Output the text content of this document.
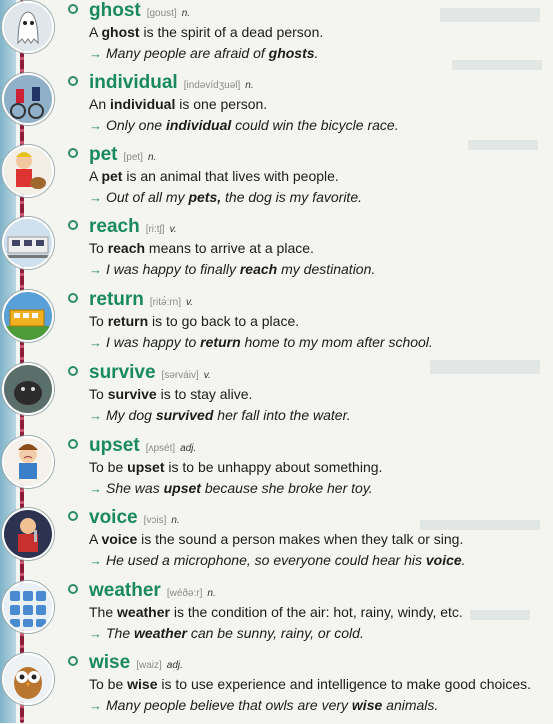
ghost [goust] n.
A ghost is the spirit of a dead person.
→ Many people are afraid of ghosts.
individual [indəvídʒuəl] n.
An individual is one person.
→ Only one individual could win the bicycle race.
pet [pet] n.
A pet is an animal that lives with people.
→ Out of all my pets, the dog is my favorite.
reach [ri:tʃ] v.
To reach means to arrive at a place.
→ I was happy to finally reach my destination.
return [ritə́:rn] v.
To return is to go back to a place.
→ I was happy to return home to my mom after school.
survive [sərváiv] v.
To survive is to stay alive.
→ My dog survived her fall into the water.
upset [ʌpsét] adj.
To be upset is to be unhappy about something.
→ She was upset because she broke her toy.
voice [vɔis] n.
A voice is the sound a person makes when they talk or sing.
→ He used a microphone, so everyone could hear his voice.
weather [wéðə:r] n.
The weather is the condition of the air: hot, rainy, windy, etc.
→ The weather can be sunny, rainy, or cold.
wise [waiz] adj.
To be wise is to use experience and intelligence to make good choices.
→ Many people believe that owls are very wise animals.
